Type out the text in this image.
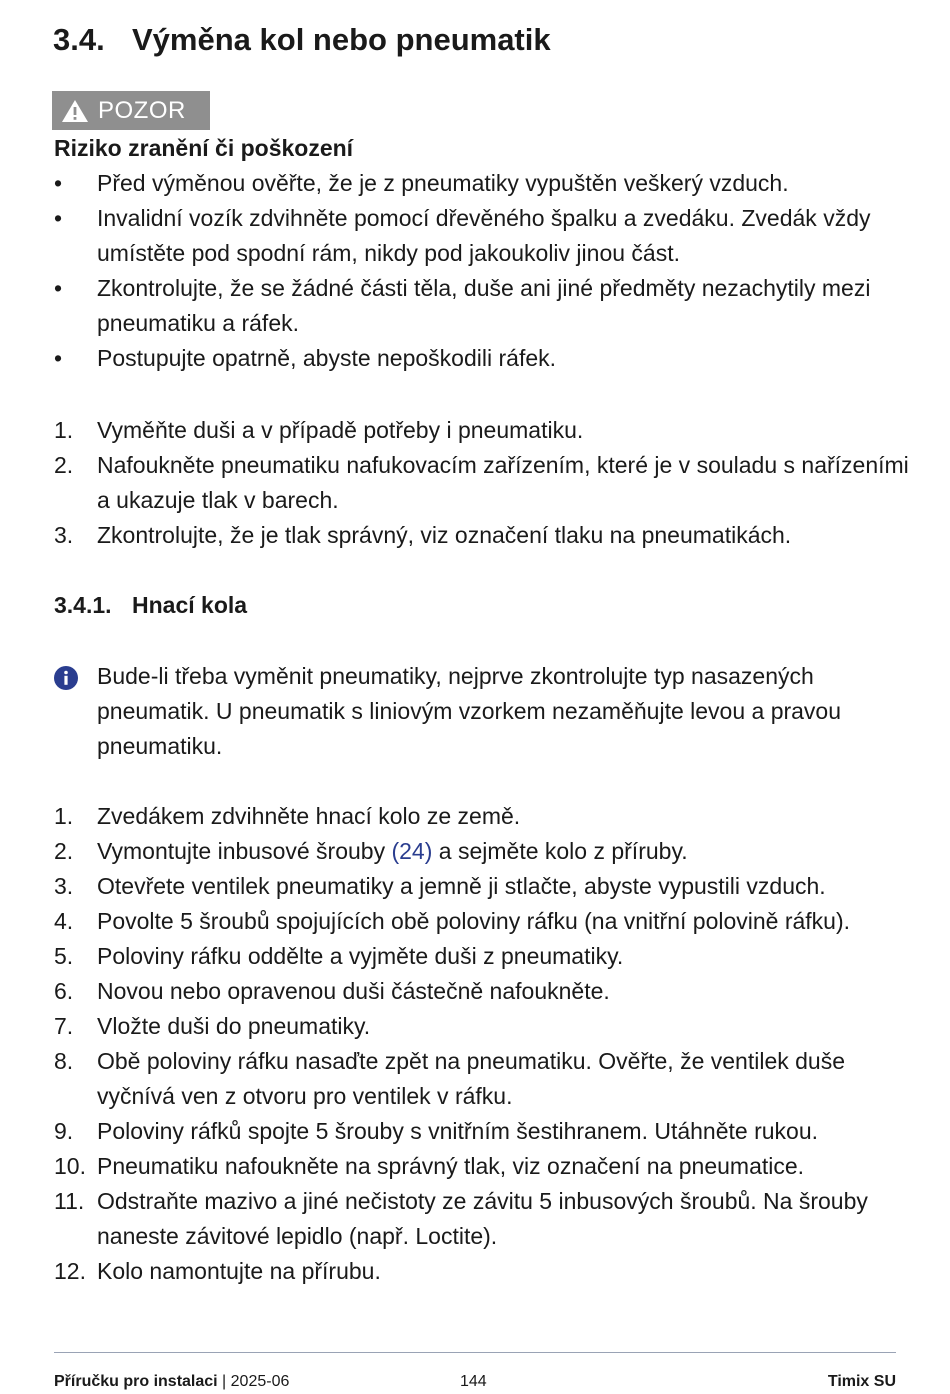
3.4. Výměna kol nebo pneumatik
POZOR
Riziko zranění či poškození
•	Před výměnou ověřte, že je z pneumatiky vypuštěn veškerý vzduch.
•	Invalidní vozík zdvihněte pomocí dřevěného špalku a zvedáku. Zvedák vždy umístěte pod spodní rám, nikdy pod jakoukoliv jinou část.
•	Zkontrolujte, že se žádné části těla, duše ani jiné předměty nezachytily mezi pneumatiku a ráfek.
•	Postupujte opatrně, abyste nepoškodili ráfek.
1. Vyměňte duši a v případě potřeby i pneumatiku.
2. Nafoukněte pneumatiku nafukovacím zařízením, které je v souladu s nařízeními a ukazuje tlak v barech.
3. Zkontrolujte, že je tlak správný, viz označení tlaku na pneumatikách.
3.4.1. Hnací kola
Bude-li třeba vyměnit pneumatiky, nejprve zkontrolujte typ nasazených pneumatik. U pneumatik s liniovým vzorkem nezaměňujte levou a pravou pneumatiku.
1. Zvedákem zdvihněte hnací kolo ze země.
2. Vymontujte inbusové šrouby (24) a sejměte kolo z příruby.
3. Otevřete ventilek pneumatiky a jemně ji stlačte, abyste vypustili vzduch.
4. Povolte 5 šroubů spojujících obě poloviny ráfku (na vnitřní polovině ráfku).
5. Poloviny ráfku oddělte a vyjměte duši z pneumatiky.
6. Novou nebo opravenou duši částečně nafoukněte.
7. Vložte duši do pneumatiky.
8. Obě poloviny ráfku nasaďte zpět na pneumatiku. Ověřte, že ventilek duše vyčnívá ven z otvoru pro ventilek v ráfku.
9. Poloviny ráfků spojte 5 šrouby s vnitřním šestihranem. Utáhněte rukou.
10. Pneumatiku nafoukněte na správný tlak, viz označení na pneumatice.
11. Odstraňte mazivo a jiné nečistoty ze závitu 5 inbusových šroubů. Na šrouby naneste závitové lepidlo (např. Loctite).
12. Kolo namontujte na přírubu.
Příručku pro instalaci | 2025-06	144	Timix SU
